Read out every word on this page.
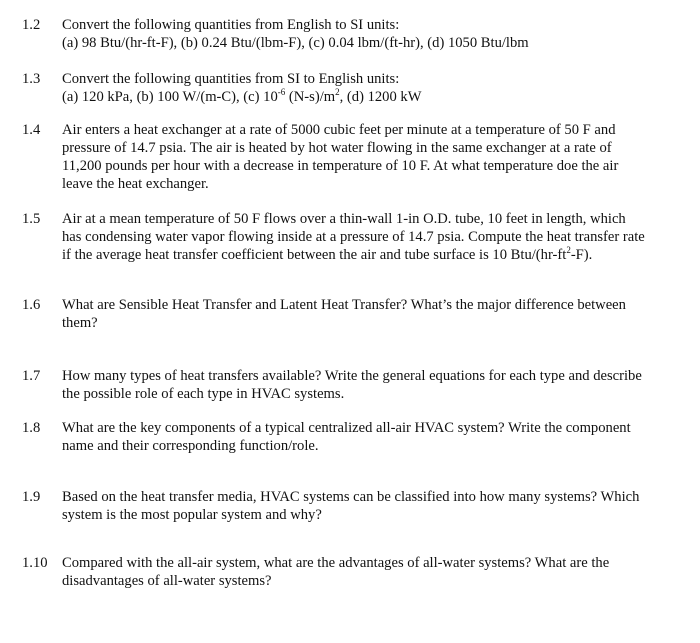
1.2	Convert the following quantities from English to SI units:
(a) 98 Btu/(hr-ft-F), (b) 0.24 Btu/(lbm-F), (c) 0.04 lbm/(ft-hr), (d) 1050 Btu/lbm
1.3	Convert the following quantities from SI to English units:
(a) 120 kPa, (b) 100 W/(m-C), (c) $10^{-6}$ $(N-s)/m^2$, (d) 1200 kW
1.4	Air enters a heat exchanger at a rate of 5000 cubic feet per minute at a temperature of 50 F and
pressure of 14.7 psia. The air is heated by hot water flowing in the same exchanger at a rate of
11,200 pounds per hour with a decrease in temperature of 10 F. At what temperature doe the air
leave the heat exchanger.
1.5	Air at a mean temperature of 50 F flows over a thin-wall 1-in O.D. tube, 10 feet in length, which
has condensing water vapor flowing inside at a pressure of 14.7 psia. Compute the heat transfer rate
if the average heat transfer coefficient between the air and tube surface is 10 Btu/$(hr-ft^2-F)$.
1.6	What are Sensible Heat Transfer and Latent Heat Transfer? What’s the major difference between
them?
1.7	How many types of heat transfers available? Write the general equations for each type and describe
the possible role of each type in HVAC systems.
1.8	What are the key components of a typical centralized all-air HVAC system? Write the component
name and their corresponding function/role.
1.9	Based on the heat transfer media, HVAC systems can be classified into how many systems? Which
system is the most popular system and why?
1.10 Compared with the all-air system, what are the advantages of all-water systems? What are the
disadvantages of all-water systems?
